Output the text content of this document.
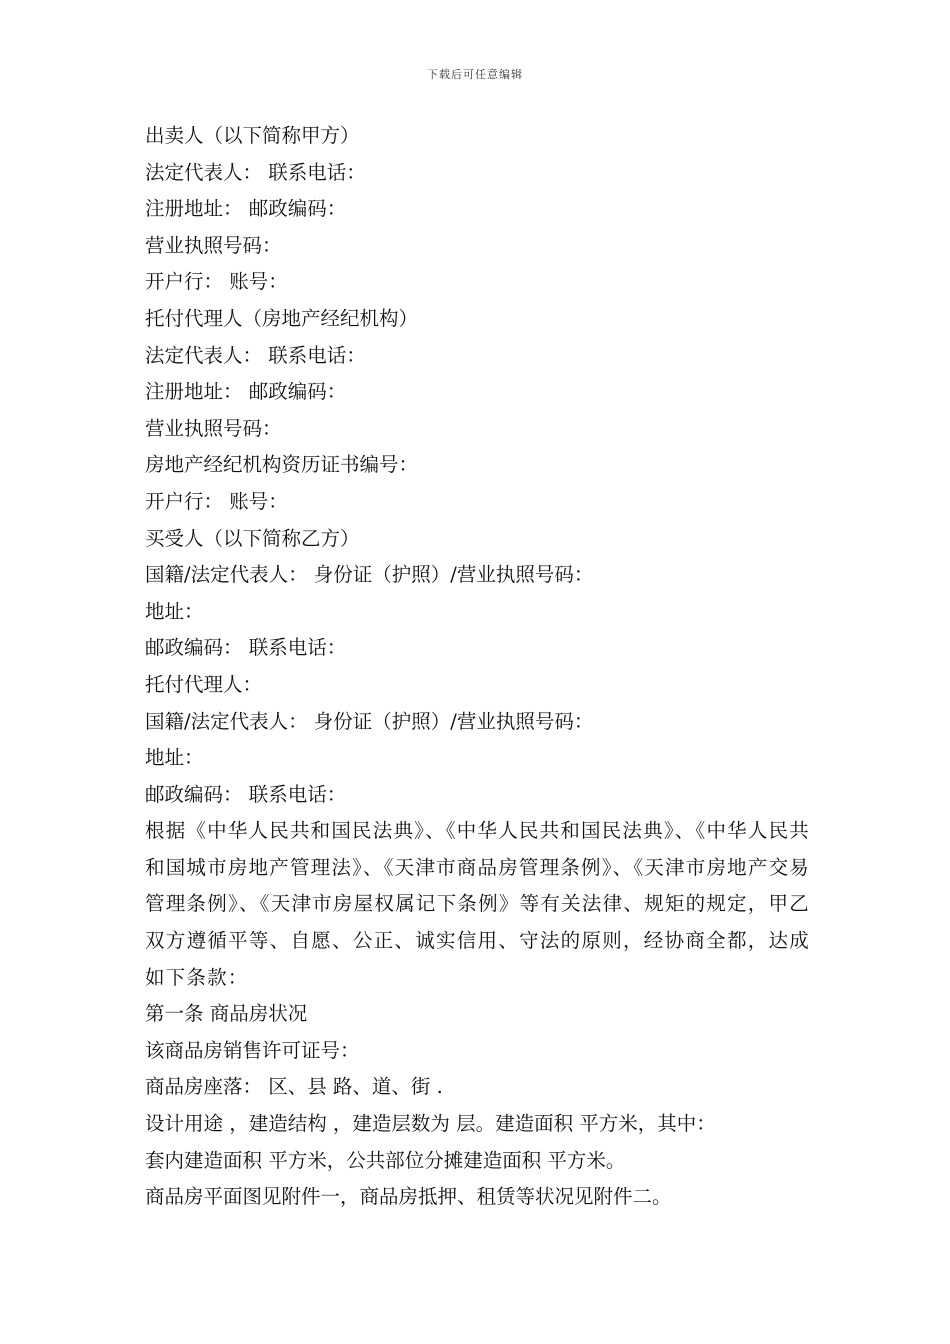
下载后可任意编辑
出卖人（以下简称甲方）
法定代表人： 联系电话：
注册地址： 邮政编码：
营业执照号码：
开户行： 账号：
托付代理人（房地产经纪机构）
法定代表人： 联系电话：
注册地址： 邮政编码：
营业执照号码：
房地产经纪机构资历证书编号：
开户行： 账号：
买受人（以下简称乙方）
国籍/法定代表人： 身份证（护照）/营业执照号码：
地址：
邮政编码： 联系电话：
托付代理人：
国籍/法定代表人： 身份证（护照）/营业执照号码：
地址：
邮政编码： 联系电话：
根据《中华人民共和国民法典》、《中华人民共和国民法典》、《中华人民共和国城市房地产管理法》、《天津市商品房管理条例》、《天津市房地产交易管理条例》、《天津市房屋权属记下条例》等有关法律、规矩的规定，甲乙双方遵循平等、自愿、公正、诚实信用、守法的原则，经协商全都，达成如下条款：
第一条 商品房状况
该商品房销售许可证号：
商品房座落： 区、县 路、道、街 .
设计用途 ，建造结构 ，建造层数为 层。建造面积 平方米，其中：
套内建造面积 平方米，公共部位分摊建造面积 平方米。
商品房平面图见附件一，商品房抵押、租赁等状况见附件二。
